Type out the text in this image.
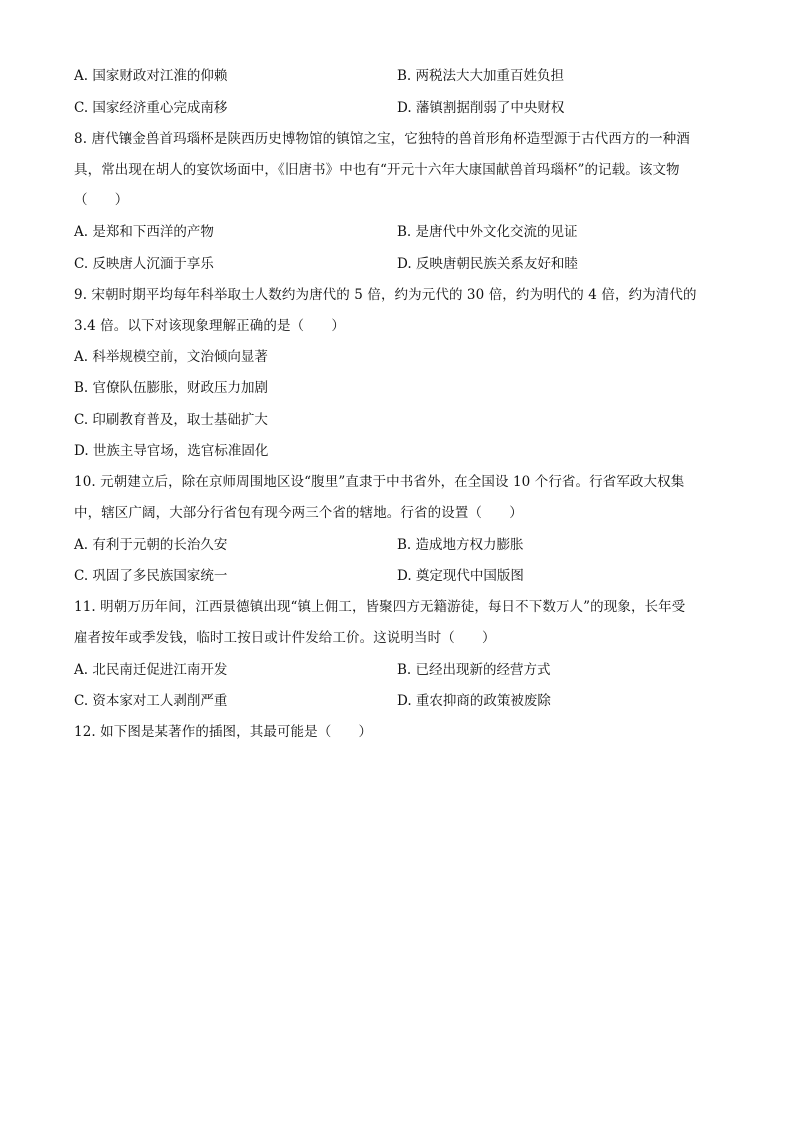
A. 国家财政对江淮的仰赖	B. 两税法大大加重百姓负担
C. 国家经济重心完成南移	D. 藩镇割据削弱了中央财权
8. 唐代镶金兽首玛瑙杯是陕西历史博物馆的镇馆之宝，它独特的兽首形角杯造型源于古代西方的一种酒
具，常出现在胡人的宴饮场面中，《旧唐书》中也有“开元十六年大康国献兽首玛瑙杯”的记载。该文物
（　　）
A. 是郑和下西洋的产物	B. 是唐代中外文化交流的见证
C. 反映唐人沉湎于享乐	D. 反映唐朝民族关系友好和睦
9. 宋朝时期平均每年科举取士人数约为唐代的 5 倍，约为元代的 30 倍，约为明代的 4 倍，约为清代的
3.4 倍。以下对该现象理解正确的是（　　）
A. 科举规模空前，文治倾向显著
B. 官僚队伍膨胀，财政压力加剧
C. 印刷教育普及，取士基础扩大
D. 世族主导官场，选官标准固化
10. 元朝建立后，除在京师周围地区设“腹里”直隶于中书省外，在全国设 10 个行省。行省军政大权集
中，辖区广阔，大部分行省包有现今两三个省的辖地。行省的设置（　　）
A. 有利于元朝的长治久安	B. 造成地方权力膨胀
C. 巩固了多民族国家统一	D. 奠定现代中国版图
11. 明朝万历年间，江西景德镇出现“镇上佣工，皆聚四方无籍游徒，每日不下数万人”的现象，长年受
雇者按年或季发钱，临时工按日或计件发给工价。这说明当时（　　）
A. 北民南迁促进江南开发	B. 已经出现新的经营方式
C. 资本家对工人剥削严重	D. 重农抑商的政策被废除
12. 如下图是某著作的插图，其最可能是（　　）
